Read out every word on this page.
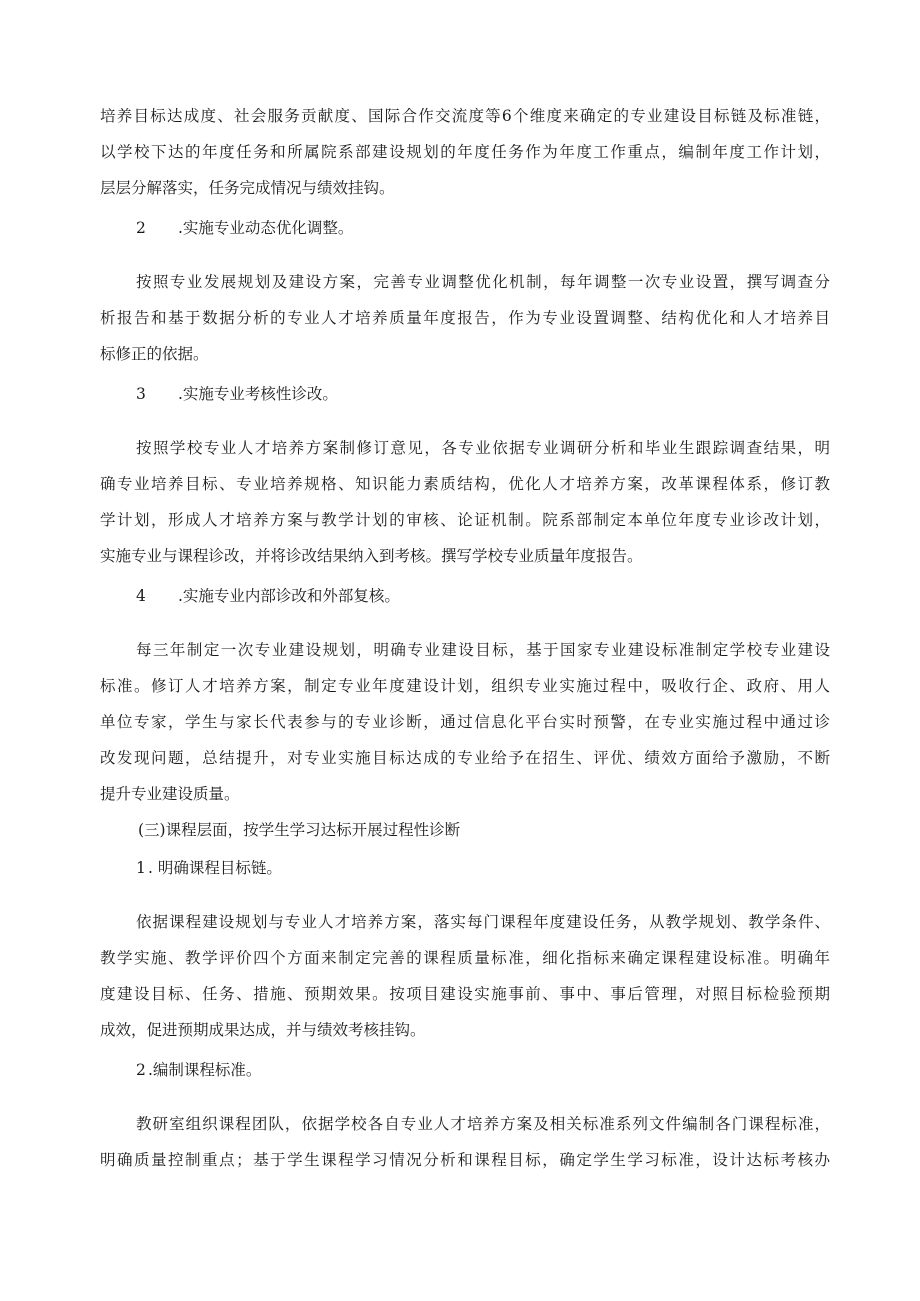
培养目标达成度、社会服务贡献度、国际合作交流度等6个维度来确定的专业建设目标链及标准链，
以学校下达的年度任务和所属院系部建设规划的年度任务作为年度工作重点，编制年度工作计划，
层层分解落实，任务完成情况与绩效挂钩。
2 .实施专业动态优化调整。
按照专业发展规划及建设方案，完善专业调整优化机制，每年调整一次专业设置，撰写调查分
析报告和基于数据分析的专业人才培养质量年度报告，作为专业设置调整、结构优化和人才培养目
标修正的依据。
3 .实施专业考核性诊改。
按照学校专业人才培养方案制修订意见，各专业依据专业调研分析和毕业生跟踪调查结果，明
确专业培养目标、专业培养规格、知识能力素质结构，优化人才培养方案，改革课程体系，修订教
学计划，形成人才培养方案与教学计划的审核、论证机制。院系部制定本单位年度专业诊改计划，
实施专业与课程诊改，并将诊改结果纳入到考核。撰写学校专业质量年度报告。
4 .实施专业内部诊改和外部复核。
每三年制定一次专业建设规划，明确专业建设目标，基于国家专业建设标准制定学校专业建设
标准。修订人才培养方案，制定专业年度建设计划，组织专业实施过程中，吸收行企、政府、用人
单位专家，学生与家长代表参与的专业诊断，通过信息化平台实时预警，在专业实施过程中通过诊
改发现问题，总结提升，对专业实施目标达成的专业给予在招生、评优、绩效方面给予激励，不断
提升专业建设质量。
(三)课程层面，按学生学习达标开展过程性诊断
1 . 明确课程目标链。
依据课程建设规划与专业人才培养方案，落实每门课程年度建设任务，从教学规划、教学条件、
教学实施、教学评价四个方面来制定完善的课程质量标准，细化指标来确定课程建设标准。明确年
度建设目标、任务、措施、预期效果。按项目建设实施事前、事中、事后管理，对照目标检验预期
成效，促进预期成果达成，并与绩效考核挂钩。
2 .编制课程标准。
教研室组织课程团队，依据学校各自专业人才培养方案及相关标准系列文件编制各门课程标准，
明确质量控制重点；基于学生课程学习情况分析和课程目标，确定学生学习标准，设计达标考核办
